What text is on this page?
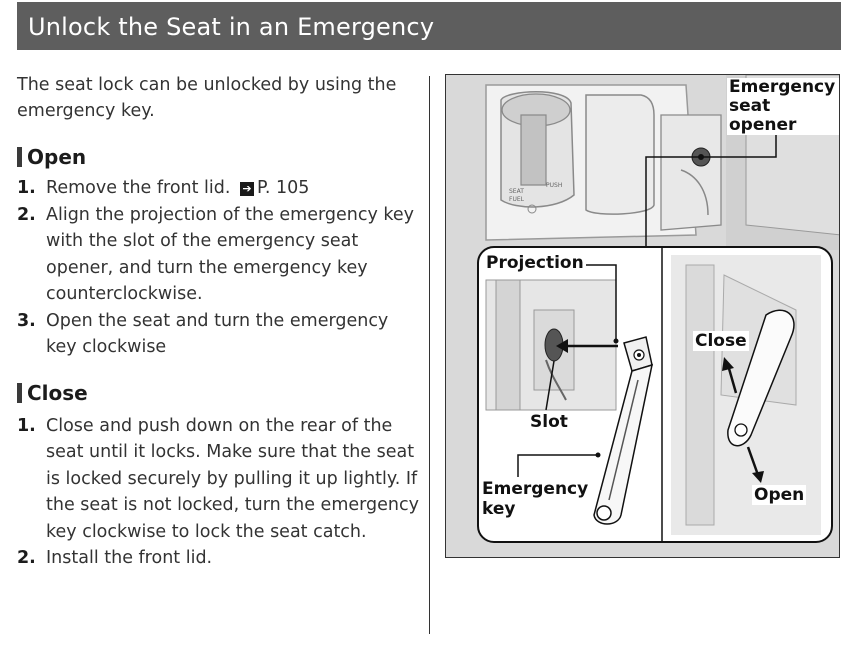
Unlock the Seat in an Emergency

The seat lock can be unlocked by using the emergency key.

Open
1. Remove the front lid. ➔ P. 105
2. Align the projection of the emergency key with the slot of the emergency seat opener, and turn the emergency key counterclockwise.
3. Open the seat and turn the emergency key clockwise
Close
1. Close and push down on the rear of the seat until it locks. Make sure that the seat is locked securely by pulling it up lightly. If the seat is not locked, turn the emergency key clockwise to lock the seat catch.
2. Install the front lid.
SEAT
FUEL
PUSH
Emergency
seat opener
Projection
Slot
Emergency
key
Close
Open
